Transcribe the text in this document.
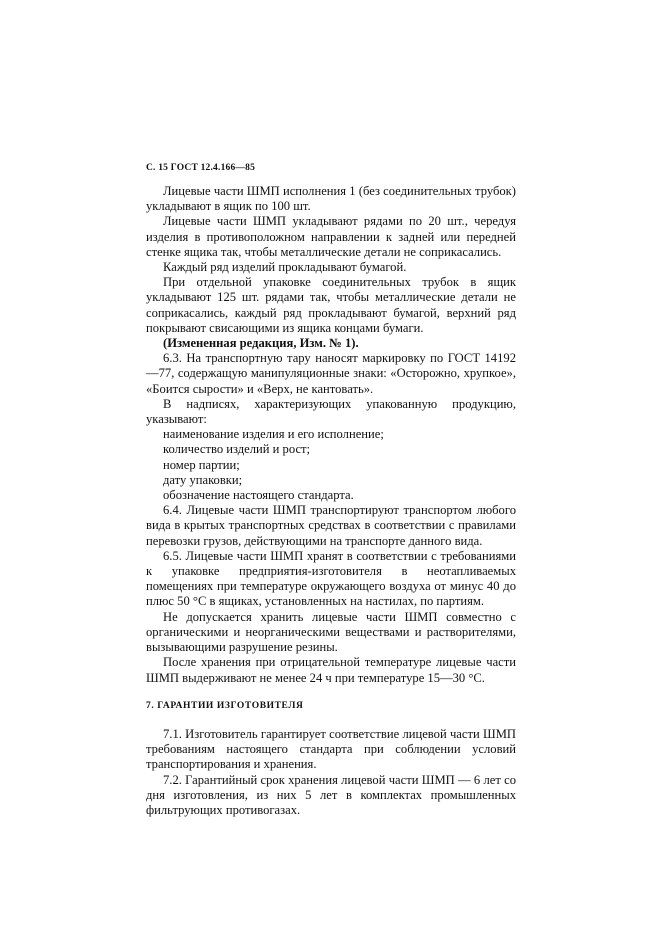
С. 15 ГОСТ 12.4.166—85

Лицевые части ШМП исполнения 1 (без соединительных трубок) укладывают в ящик по 100 шт.

Лицевые части ШМП укладывают рядами по 20 шт., чередуя изделия в противоположном направлении к задней или передней стенке ящика так, чтобы металлические детали не соприкасались.

Каждый ряд изделий прокладывают бумагой.

При отдельной упаковке соединительных трубок в ящик укладывают 125 шт. рядами так, чтобы металлические детали не соприкасались, каждый ряд прокладывают бумагой, верхний ряд покрывают свисающими из ящика концами бумаги.

(Измененная редакция, Изм. № 1).

6.3. На транспортную тару наносят маркировку по ГОСТ 14192—77, содержащую манипуляционные знаки: «Осторожно, хрупкое», «Боится сырости» и «Верх, не кантовать».

В надписях, характеризующих упакованную продукцию, указывают:

наименование изделия и его исполнение;

количество изделий и рост;

номер партии;

дату упаковки;

обозначение настоящего стандарта.

6.4. Лицевые части ШМП транспортируют транспортом любого вида в крытых транспортных средствах в соответствии с правилами перевозки грузов, действующими на транспорте данного вида.

6.5. Лицевые части ШМП хранят в соответствии с требованиями к упаковке предприятия-изготовителя в неотапливаемых помещениях при температуре окружающего воздуха от минус 40 до плюс 50 °С в ящиках, установленных на настилах, по партиям.

Не допускается хранить лицевые части ШМП совместно с органическими и неорганическими веществами и растворителями, вызывающими разрушение резины.

После хранения при отрицательной температуре лицевые части ШМП выдерживают не менее 24 ч при температуре 15—30 °С.

7. ГАРАНТИИ ИЗГОТОВИТЕЛЯ

7.1. Изготовитель гарантирует соответствие лицевой части ШМП требованиям настоящего стандарта при соблюдении условий транспортирования и хранения.

7.2. Гарантийный срок хранения лицевой части ШМП — 6 лет со дня изготовления, из них 5 лет в комплектах промышленных фильтрующих противогазах.
